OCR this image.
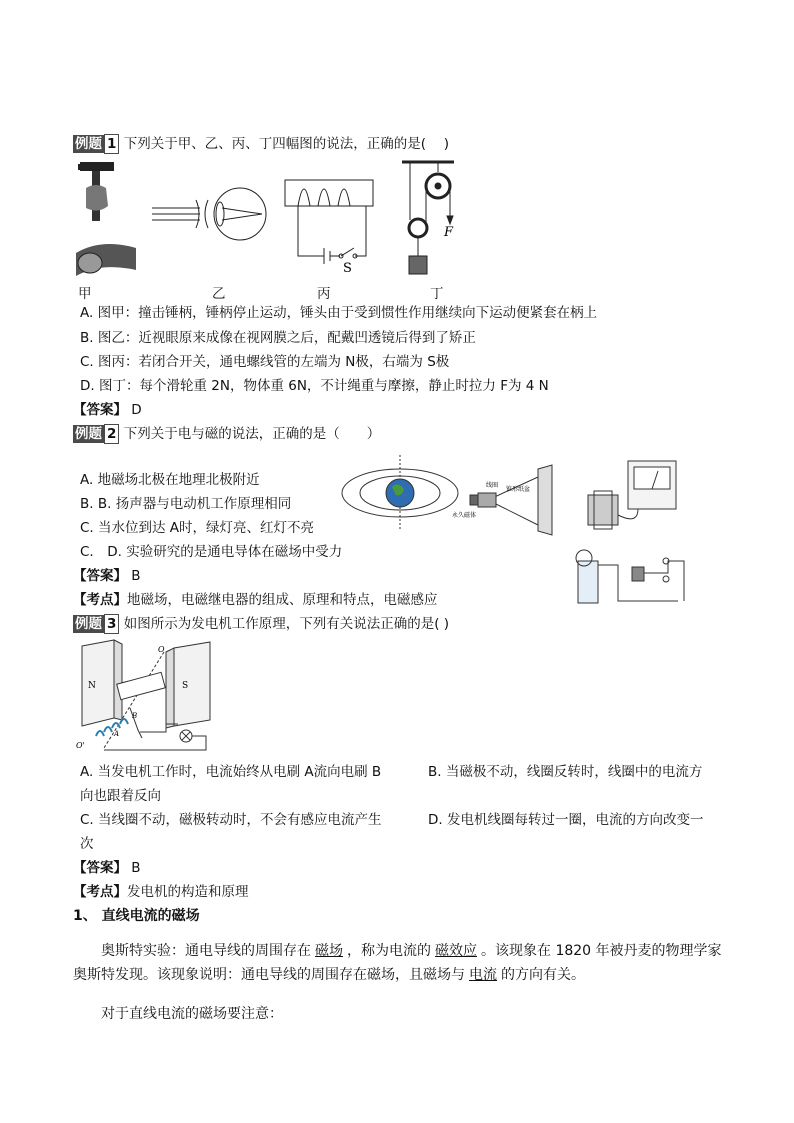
例题 1 下列关于甲、乙、丙、丁四幅图的说法，正确的是(　 )
S
F
甲	乙	丙	丁
A. 图甲：撞击锤柄，锤柄停止运动，锤头由于受到惯性作用继续向下运动便紧套在柄上
B. 图乙：近视眼原来成像在视网膜之后，配戴凹透镜后得到了矫正
C. 图丙：若闭合开关，通电螺线管的左端为 N极，右端为 S极
D. 图丁：每个滑轮重 2N，物体重 6N，不计绳重与摩擦，静止时拉力 F为 4 N
【答案】 D
例题 2 下列关于电与磁的说法，正确的是（　　）
A. 地磁场北极在地理北极附近
B. B. 扬声器与电动机工作原理相同
C. 当水位到达 A时，绿灯亮、红灯不亮
C.　D. 实验研究的是通电导体在磁场中受力
线圈
锥形纸盆
永久磁体
【答案】 B
【考点】地磁场，电磁继电器的组成、原理和特点，电磁感应
例题 3 如图所示为发电机工作原理，下列有关说法正确的是( )
N	S
O
O'
A
B
A. 当发电机工作时，电流始终从电刷 A流向电刷 B	B. 当磁极不动，线圈反转时，线圈中的电流方
向也跟着反向
C. 当线圈不动，磁极转动时，不会有感应电流产生	D. 发电机线圈每转过一圈，电流的方向改变一
次
【答案】 B
【考点】发电机的构造和原理
1、 直线电流的磁场
奥斯特实验：通电导线的周围存在 磁场 ，称为电流的 磁效应 。该现象在 1820 年被丹麦的物理学家奥斯特发现。该现象说明：通电导线的周围存在磁场，且磁场与 电流 的方向有关。
对于直线电流的磁场要注意：
